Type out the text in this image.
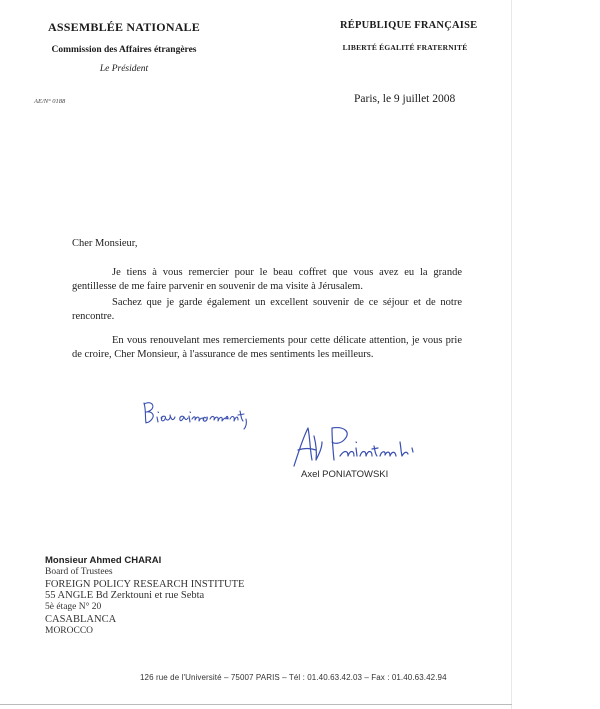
ASSEMBLÉE NATIONALE
Commission des Affaires étrangères
Le Président
RÉPUBLIQUE FRANÇAISE
LIBERTÉ ÉGALITÉ FRATERNITÉ
AE/N° 0188	Paris, le 9 juillet 2008
Cher Monsieur,

Je tiens à vous remercier pour le beau coffret que vous avez eu la grande gentillesse de me faire parvenir en souvenir de ma visite à Jérusalem.

Sachez que je garde également un excellent souvenir de ce séjour et de notre rencontre.

En vous renouvelant mes remerciements pour cette délicate attention, je vous prie de croire, Cher Monsieur, à l'assurance de mes sentiments les meilleurs.

Axel PONIATOWSKI
Monsieur Ahmed CHARAI
Board of Trustees
FOREIGN POLICY RESEARCH INSTITUTE
55 ANGLE Bd Zerktouni et rue Sebta
5è étage N° 20
CASABLANCA
MOROCCO
126 rue de l'Université – 75007 PARIS – Tél : 01.40.63.42.03 – Fax : 01.40.63.42.94
